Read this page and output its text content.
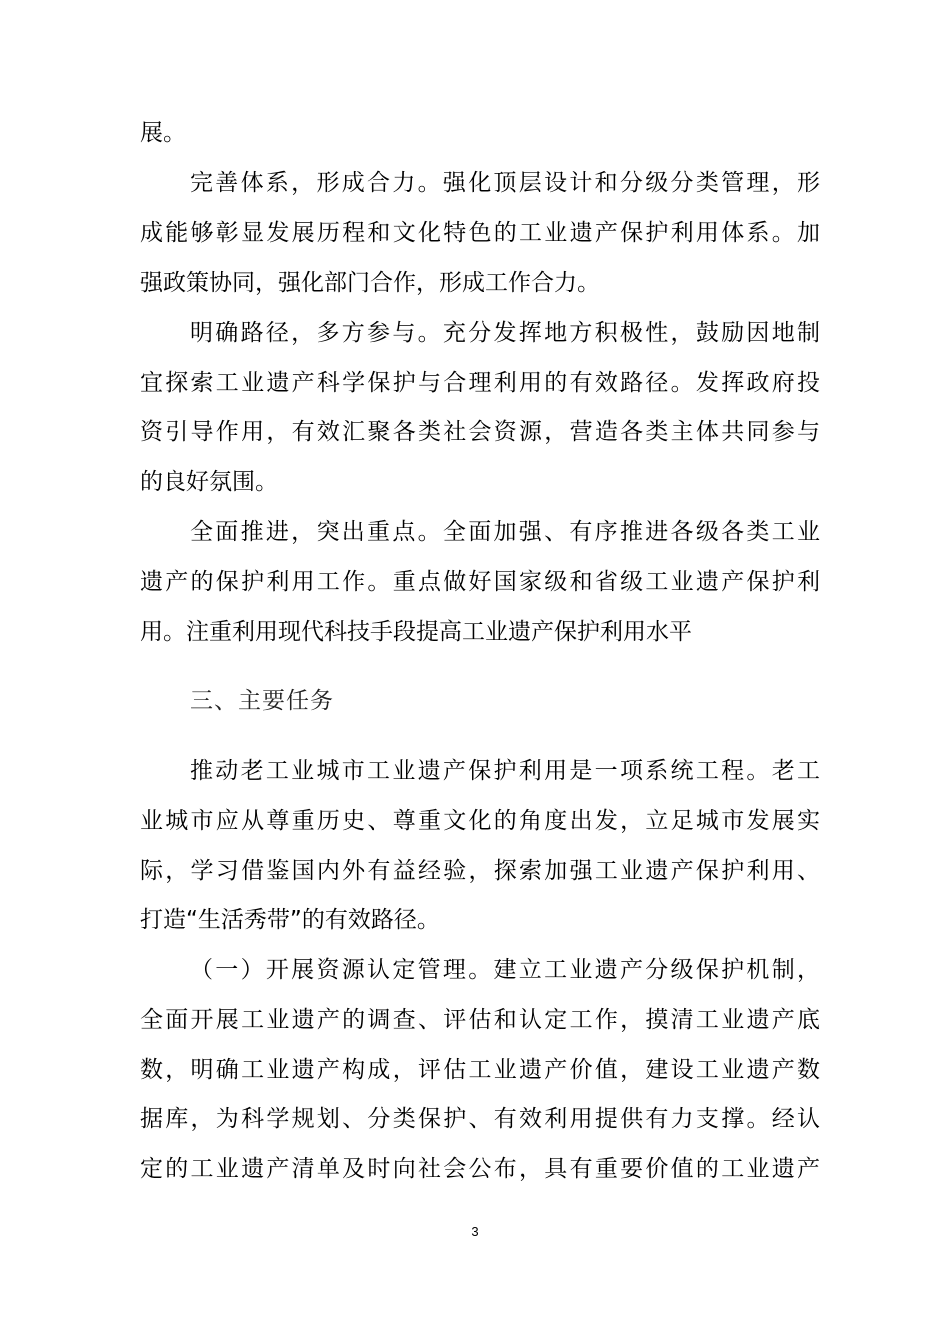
展。
完善体系，形成合力。强化顶层设计和分级分类管理，形
成能够彰显发展历程和文化特色的工业遗产保护利用体系。加
强政策协同，强化部门合作，形成工作合力。
明确路径，多方参与。充分发挥地方积极性，鼓励因地制
宜探索工业遗产科学保护与合理利用的有效路径。发挥政府投
资引导作用，有效汇聚各类社会资源，营造各类主体共同参与
的良好氛围。
全面推进，突出重点。全面加强、有序推进各级各类工业
遗产的保护利用工作。重点做好国家级和省级工业遗产保护利
用。注重利用现代科技手段提高工业遗产保护利用水平
三、主要任务
推动老工业城市工业遗产保护利用是一项系统工程。老工
业城市应从尊重历史、尊重文化的角度出发，立足城市发展实
际，学习借鉴国内外有益经验，探索加强工业遗产保护利用、
打造“生活秀带”的有效路径。
（一）开展资源认定管理。建立工业遗产分级保护机制，
全面开展工业遗产的调查、评估和认定工作，摸清工业遗产底
数，明确工业遗产构成，评估工业遗产价值，建设工业遗产数
据库，为科学规划、分类保护、有效利用提供有力支撑。经认
定的工业遗产清单及时向社会公布，具有重要价值的工业遗产
3
